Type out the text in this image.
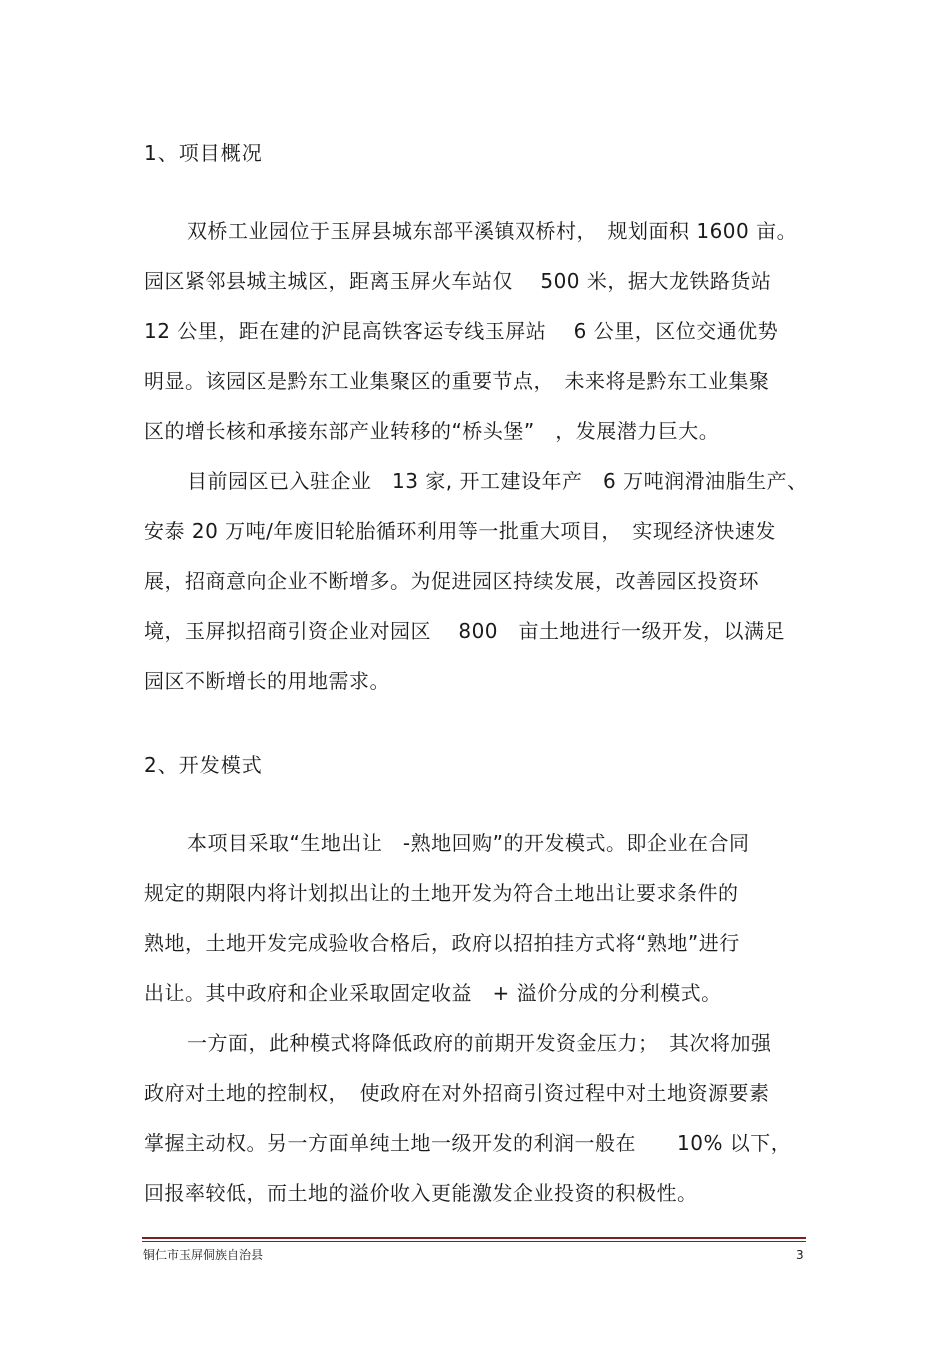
1、项目概况
双桥工业园位于玉屏县城东部平溪镇双桥村，　规划面积 1600 亩。
园区紧邻县城主城区，距离玉屏火车站仅　 500 米，据大龙铁路货站
12 公里，距在建的沪昆高铁客运专线玉屏站　 6 公里，区位交通优势
明显。该园区是黔东工业集聚区的重要节点，　未来将是黔东工业集聚
区的增长核和承接东部产业转移的“桥头堡”　，发展潜力巨大。
目前园区已入驻企业　13 家, 开工建设年产　6 万吨润滑油脂生产、
安泰 20 万吨/年废旧轮胎循环利用等一批重大项目，　实现经济快速发
展，招商意向企业不断增多。为促进园区持续发展，改善园区投资环
境，玉屏拟招商引资企业对园区　 800　亩土地进行一级开发，以满足
园区不断增长的用地需求。
2、开发模式
本项目采取“生地出让　-熟地回购”的开发模式。即企业在合同
规定的期限内将计划拟出让的土地开发为符合土地出让要求条件的
熟地，土地开发完成验收合格后，政府以招拍挂方式将“熟地”进行
出让。其中政府和企业采取固定收益　+ 溢价分成的分利模式。
一方面，此种模式将降低政府的前期开发资金压力；　其次将加强
政府对土地的控制权，　使政府在对外招商引资过程中对土地资源要素
掌握主动权。另一方面单纯土地一级开发的利润一般在　　10% 以下，
回报率较低，而土地的溢价收入更能激发企业投资的积极性。
铜仁市玉屏侗族自治县	3
